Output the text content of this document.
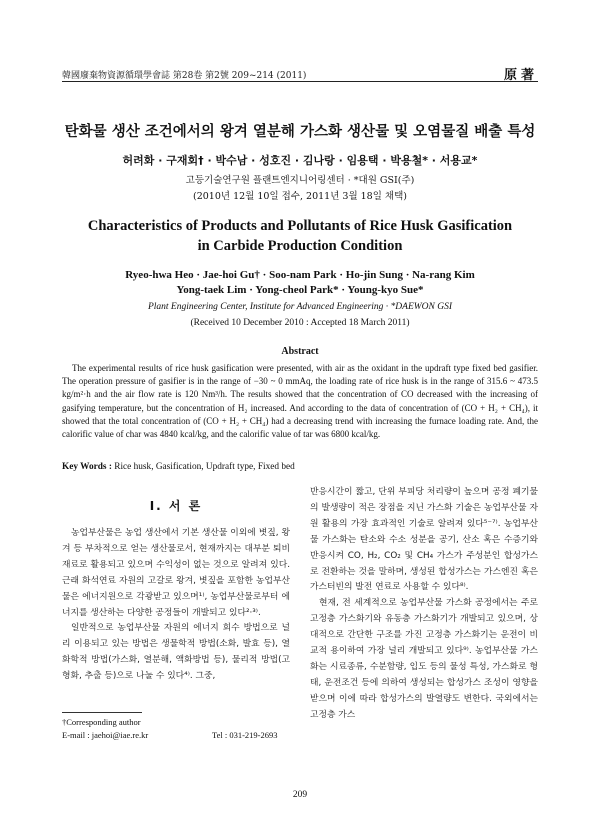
韓國廢棄物資源循環學會誌 第28卷 第2號 209~214 (2011)	原著
탄화물 생산 조건에서의 왕겨 열분해 가스화 생산물 및 오염물질 배출 특성
허려화 · 구재회† · 박수남 · 성호진 · 김나랑 · 임용택 · 박용철* · 서용교*
고등기술연구원 플랜트엔지니어링센터 · *대원 GSI(주)
(2010년 12월 10일 접수, 2011년 3월 18일 채택)
Characteristics of Products and Pollutants of Rice Husk Gasification
in Carbide Production Condition
Ryeo-hwa Heo · Jae-hoi Gu† · Soo-nam Park · Ho-jin Sung · Na-rang Kim
Yong-taek Lim · Yong-cheol Park* · Young-kyo Sue*
Plant Engineering Center, Institute for Advanced Engineering · *DAEWON GSI
(Received 10 December 2010 : Accepted 18 March 2011)
Abstract
The experimental results of rice husk gasification were presented, with air as the oxidant in the updraft type fixed bed gasifier. The operation pressure of gasifier is in the range of −30 ~ 0 mmAq, the loading rate of rice husk is in the range of 315.6 ~ 473.5 kg/m²·h and the air flow rate is 120 Nm³/h. The results showed that the concentration of CO decreased with the increasing of gasifying temperature, but the concentration of H₂ increased. And according to the data of concentration of (CO + H₂ + CH₄), it showed that the total concentration of (CO + H₂ + CH₄) had a decreasing trend with increasing the furnace loading rate. And, the calorific value of char was 4840 kcal/kg, and the calorific value of tar was 6800 kcal/kg.
Key Words : Rice husk, Gasification, Updraft type, Fixed bed
I. 서 론

농업부산물은 농업 생산에서 기본 생산물 이외에 볏짚, 왕겨 등 부차적으로 얻는 생산물로서, 현재까지는 대부분 퇴비재료로 활용되고 있으며 수익성이 없는 것으로 알려져 있다. 근래 화석연료 자원의 고갈로 왕겨, 볏짚을 포함한 농업부산물은 에너지원으로 각광받고 있으며¹⁾, 농업부산물로부터 에너지를 생산하는 다양한 공정들이 개발되고 있다²·³⁾.

일반적으로 농업부산물 자원의 에너지 회수 방법으로 널리 이용되고 있는 방법은 생물학적 방법(소화, 발효 등), 열화학적 방법(가스화, 열분해, 액화방법 등), 물리적 방법(고형화, 추출 등)으로 나눌 수 있다⁴⁾. 그중,

반응시간이 짧고, 단위 부피당 처리량이 높으며 공정 폐기물의 발생량이 적은 장점을 지닌 가스화 기술은 농업부산물 자원 활용의 가장 효과적인 기술로 알려져 있다⁵⁻⁷⁾. 농업부산물 가스화는 탄소와 수소 성분을 공기, 산소 혹은 수증기와 반응시켜 CO, H₂, CO₂ 및 CH₄ 가스가 주성분인 합성가스로 전환하는 것을 말하며, 생성된 합성가스는 가스엔진 혹은 가스터빈의 발전 연료로 사용할 수 있다⁸⁾.

현재, 전 세계적으로 농업부산물 가스화 공정에서는 주로 고정층 가스화기와 유동층 가스화기가 개발되고 있으며, 상대적으로 간단한 구조를 가진 고정층 가스화기는 운전이 비교적 용이하여 가장 널리 개발되고 있다⁹⁾. 농업부산물 가스화는 시료종류, 수분함량, 입도 등의 물성 특성, 가스화로 형태, 운전조건 등에 의하여 생성되는 합성가스 조성이 영향을 받으며 이에 따라 합성가스의 발열량도 변한다. 국외에서는 고정층 가스

†Corresponding author
E-mail : jaehoi@iae.re.kr	Tel : 031-219-2693
209
